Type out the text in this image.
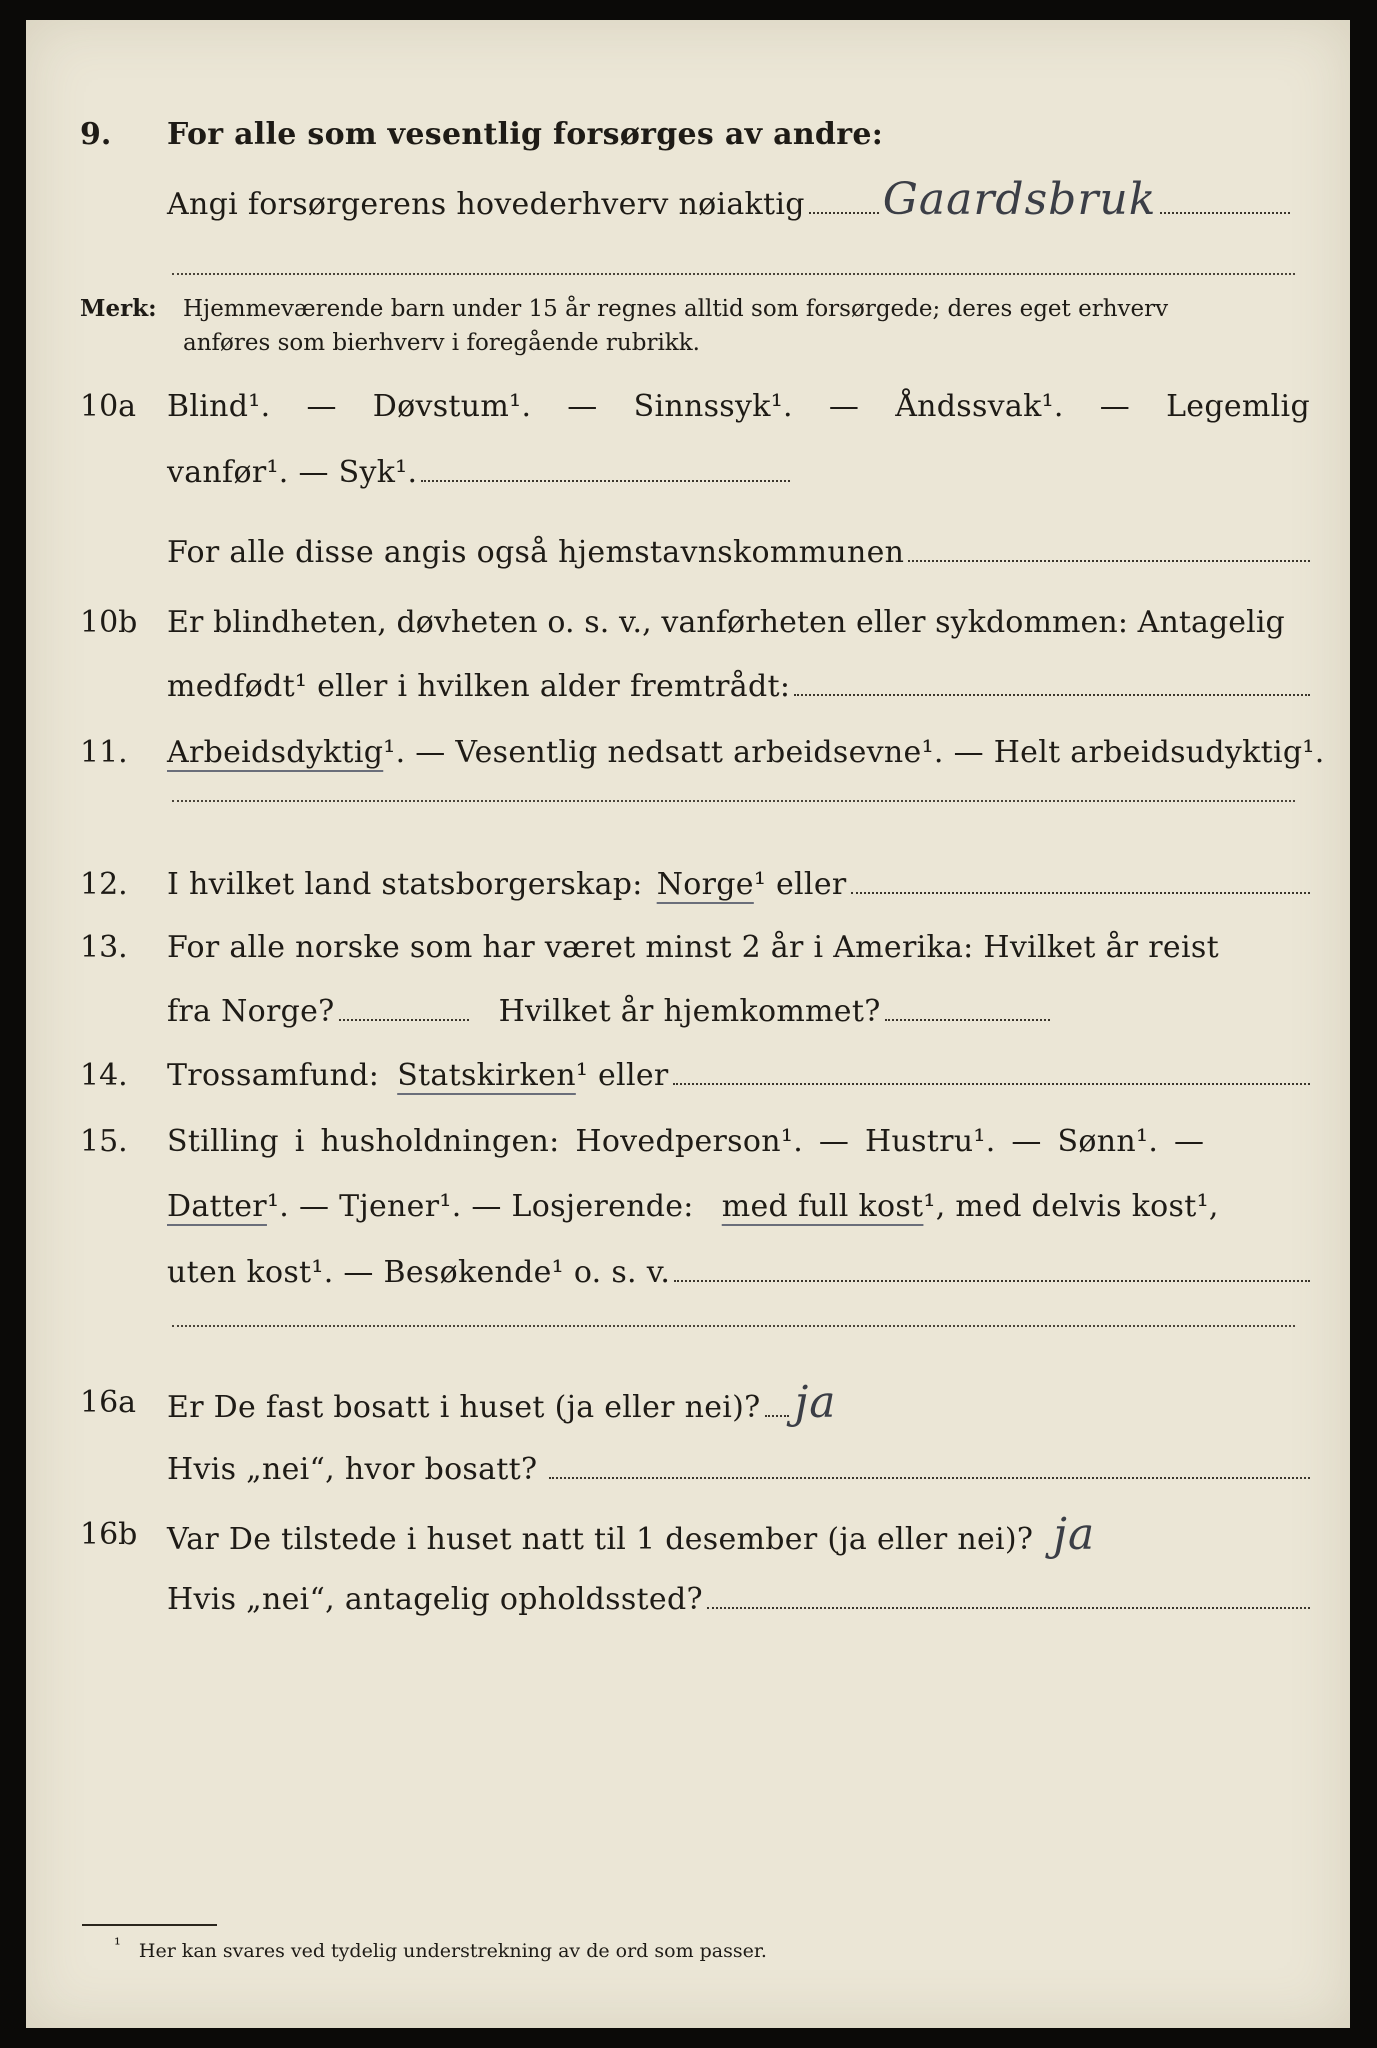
9. For alle som vesentlig forsørges av andre:
Angi forsørgerens hovederhverv nøiaktig Gaardsbruk
Merk: Hjemmeværende barn under 15 år regnes alltid som forsørgede; deres eget erhverv
anføres som bierhverv i foregående rubrikk.
10a Blind¹. — Døvstum¹. — Sinnssyk¹. — Åndssvak¹. — Legemlig
vanfør¹. — Syk¹.
For alle disse angis også hjemstavnskommunen
10b Er blindheten, døvheten o. s. v., vanførheten eller sykdommen: Antagelig
medfødt¹ eller i hvilken alder fremtrådt:
11. Arbeidsdyktig¹. — Vesentlig nedsatt arbeidsevne¹. — Helt arbeidsudyktig¹.
12. I hvilket land statsborgerskap: Norge ¹ eller
13. For alle norske som har været minst 2 år i Amerika: Hvilket år reist
fra Norge?	Hvilket år hjemkommet?
14. Trossamfund: Statskirken ¹ eller
15. Stilling i husholdningen: Hovedperson¹. — Hustru¹. — Sønn¹. —
Datter¹. — Tjener¹. — Losjerende: med full kost¹, med delvis kost¹,
uten kost¹. — Besøkende¹ o. s. v.
16a Er De fast bosatt i huset (ja eller nei)? ja
Hvis „nei“, hvor bosatt?
16b Var De tilstede i huset natt til 1 desember (ja eller nei)? ja
Hvis „nei“, antagelig opholdssted?
¹ Her kan svares ved tydelig understrekning av de ord som passer.
